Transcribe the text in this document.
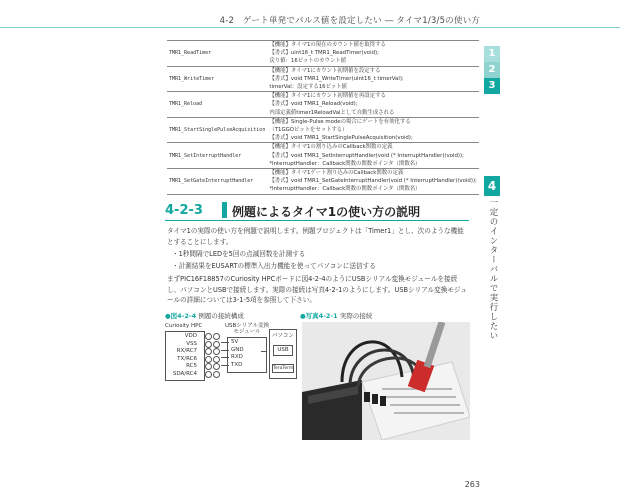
4-2　ゲート単発でパルス値を設定したい ― タイマ1/3/5の使い方
1
2
3
4
一定のインターバルで実行したい
TMR1_ReadTimer	【機能】タイマ1の現在のカウント値を取得する
【書式】uint16_t TMR1_ReadTimer(void);
戻り値：16ビットのカウント値

TMR1_WriteTimer	【機能】タイマ1にカウント初期値を設定する
【書式】void TMR1_WriteTimer(uint16_t timerVal);
timerVal：設定する16ビット値

TMR1_Reload	【機能】タイマ1にカウント初期値を再設定する
【書式】void TMR1_Reload(void);
内部定義値timer1ReloadValとして自動生成される

TMR1_StartSinglePulseAcquisition	【機能】Single-Pulse modeの場合にゲートを有効化する
（T1GGOビットをセットする）
【書式】void TMR1_StartSinglePulseAcquisition(void);

TMR1_SetInterruptHandler	【機能】タイマ1の割り込みのCallback関数の定義
【書式】void TMR1_SetInterruptHandler(void (* InterruptHandler)(void));
*InterruptHandler：Callback関数の関数ポインタ（関数名）

TMR1_SetGateInterruptHandler	【機能】タイマ1ゲート割り込みのCallback関数の定義
【書式】void TMR1_SetGateInterruptHandler(void (* InterruptHandler)(void));
*InterruptHandler：Callback関数の関数ポインタ（関数名）
4-2-3 例題によるタイマ1の使い方の説明
タイマ1の実際の使い方を例題で説明します。例題プロジェクトは「Timer1」とし、次のような機能とすることにします。
・1秒間隔でLEDを5回の点滅回数を計測する
・計測結果をEUSARTの標準入出力機能を使ってパソコンに送信する
まずPIC16F18857のCuriosity HPCボードに図4-2-4のようにUSBシリアル変換モジュールを接続し、パソコンとUSBで接続します。実際の接続は写真4-2-1のようにします。USBシリアル変換モジュールの詳細については3-1-5項を参照して下さい。
●図4-2-4 例題の接続構成
Curiosity HPC
VDD
VSS
RX/RC7
TX/RC6
RC5
SDA/RC4
USBシリアル変換
モジュール
5V
GND
RXD
TXD
パソコン
USB
TeraTerm
●写真4-2-1 実際の接続
263
